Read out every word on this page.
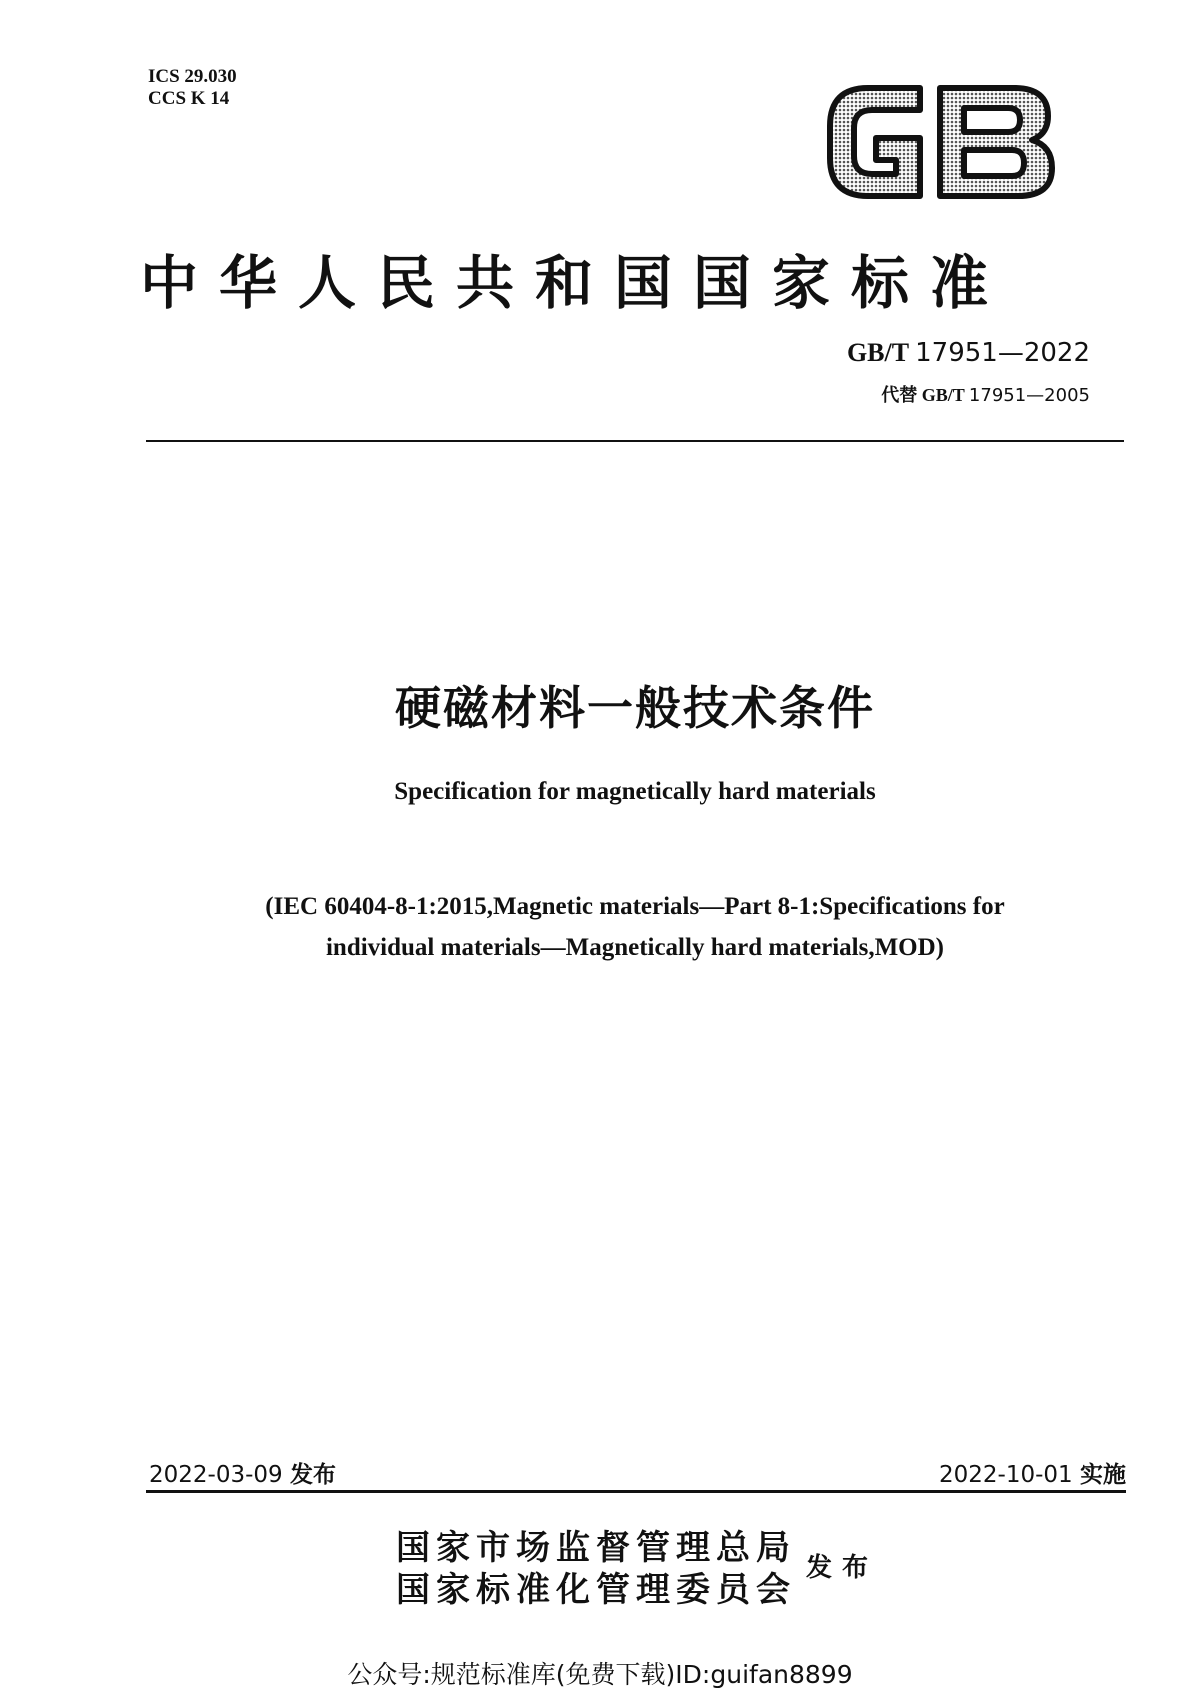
ICS 29.030
CCS K 14
中华人民共和国国家标准
GB/T 17951—2022
代替 GB/T 17951—2005
硬磁材料一般技术条件
Specification for magnetically hard materials
(IEC 60404-8-1:2015,Magnetic materials—Part 8-1:Specifications for
individual materials—Magnetically hard materials,MOD)
2022-03-09 发布	2022-10-01 实施
国家市场监督管理总局
国家标准化管理委员会
发布
公众号:规范标准库(免费下载)ID:guifan8899
